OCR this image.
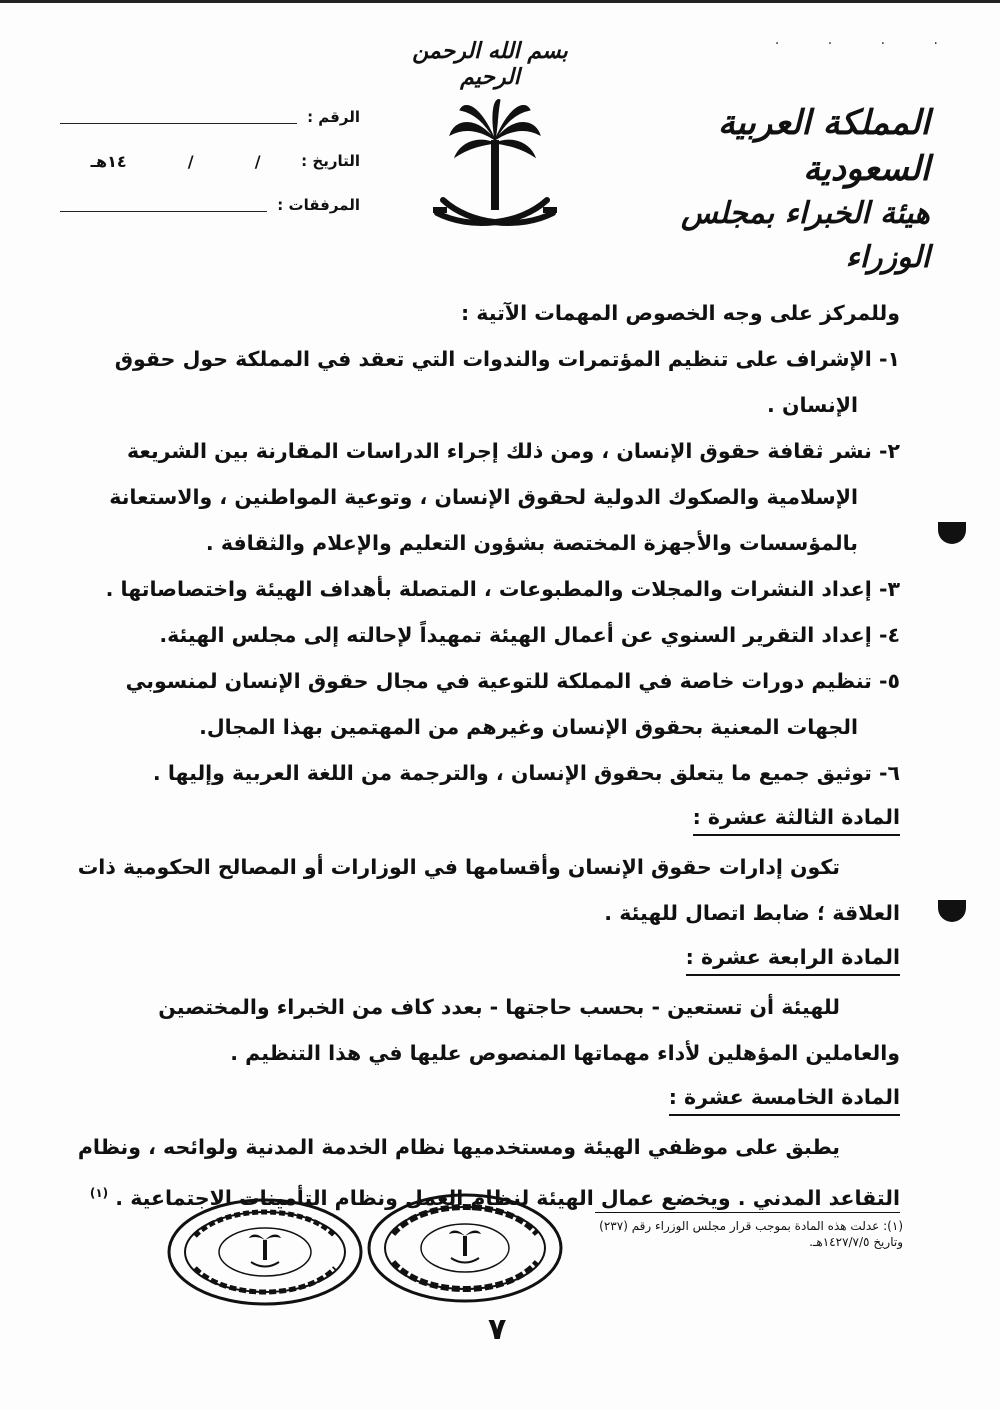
. . . .
بسم الله الرحمن الرحيم
المملكة العربية السعودية
هيئة الخبراء بمجلس الوزراء
الرقم :
التاريخ :
/
/
١٤هـ
المرفقات :
وللمركز على وجه الخصوص المهمات الآتية :
١- الإشراف على تنظيم المؤتمرات والندوات التي تعقد في المملكة حول حقوق
الإنسان .
٢- نشر ثقافة حقوق الإنسان ، ومن ذلك إجراء الدراسات المقارنة بين الشريعة
الإسلامية والصكوك الدولية لحقوق الإنسان ، وتوعية المواطنين ، والاستعانة
بالمؤسسات والأجهزة المختصة بشؤون التعليم والإعلام والثقافة .
٣- إعداد النشرات والمجلات والمطبوعات ، المتصلة بأهداف الهيئة واختصاصاتها .
٤- إعداد التقرير السنوي عن أعمال الهيئة تمهيداً لإحالته إلى مجلس الهيئة.
٥- تنظيم دورات خاصة في المملكة للتوعية في مجال حقوق الإنسان لمنسوبي
الجهات المعنية بحقوق الإنسان وغيرهم من المهتمين بهذا المجال.
٦- توثيق جميع ما يتعلق بحقوق الإنسان ، والترجمة من اللغة العربية وإليها .
المادة الثالثة عشرة :
تكون إدارات حقوق الإنسان وأقسامها في الوزارات أو المصالح الحكومية ذات
العلاقة ؛ ضابط اتصال للهيئة .
المادة الرابعة عشرة :
للهيئة أن تستعين - بحسب حاجتها - بعدد كاف من الخبراء والمختصين
والعاملين المؤهلين لأداء مهماتها المنصوص عليها في هذا التنظيم .
المادة الخامسة عشرة :
يطبق على موظفي الهيئة ومستخدميها نظام الخدمة المدنية ولوائحه ، ونظام
التقاعد المدني . ويخضع عمال الهيئة لنظام العمل ونظام التأمينات الاجتماعية . $^{(١)}$
(١): عدلت هذه المادة بموجب قرار مجلس الوزراء رقم (٢٣٧)
وتاريخ ١٤٢٧/٧/٥هـ.
٧
